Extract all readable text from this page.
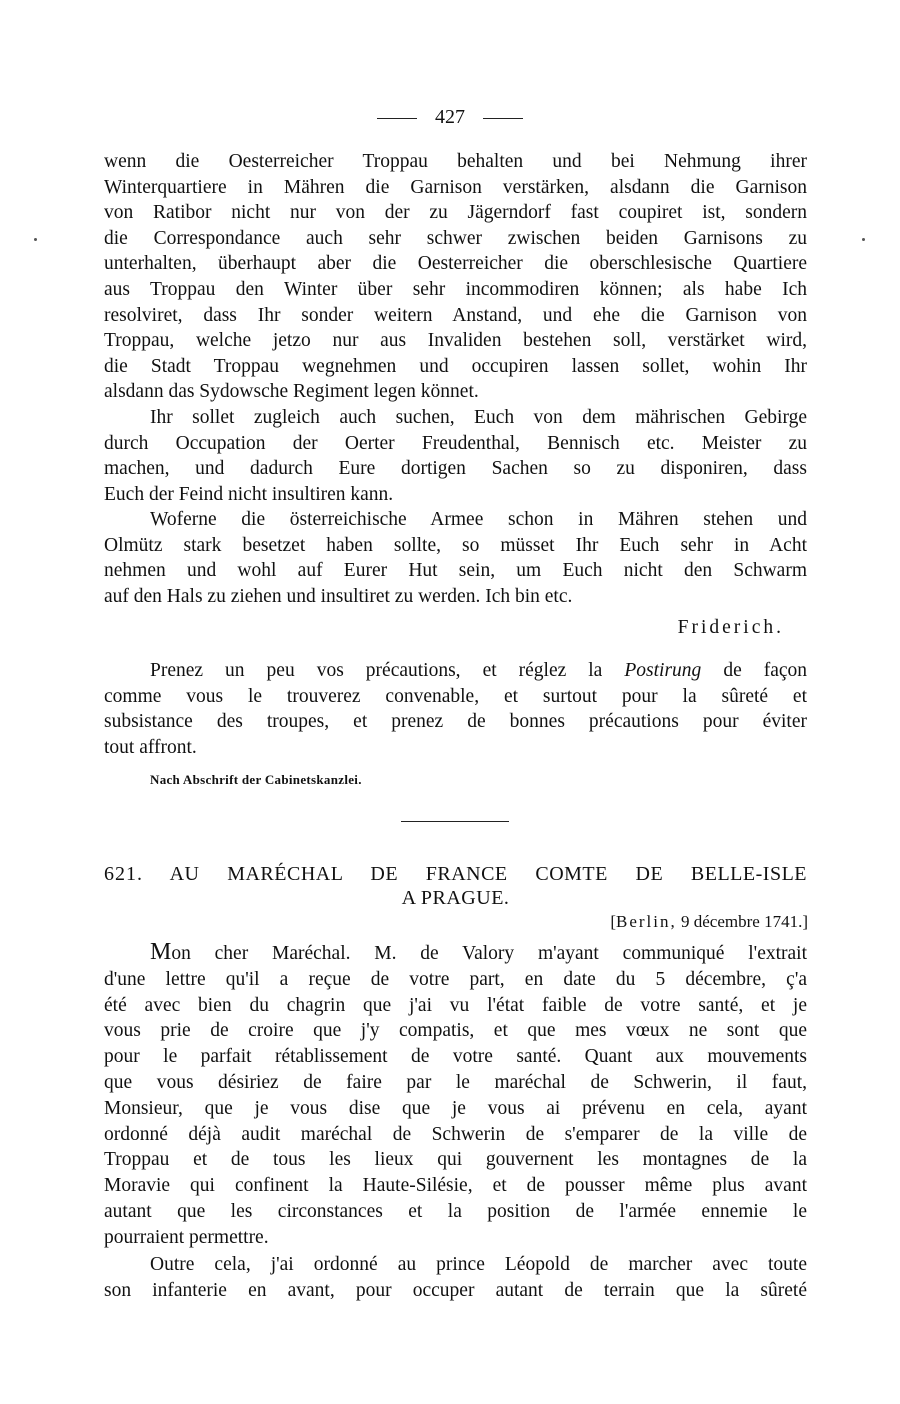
427

wenn die Oesterreicher Troppau behalten und bei Nehmung ihrer
Winterquartiere in Mähren die Garnison verstärken, alsdann die Garnison
von Ratibor nicht nur von der zu Jägerndorf fast coupiret ist, sondern
die Correspondance auch sehr schwer zwischen beiden Garnisons zu
unterhalten, überhaupt aber die Oesterreicher die oberschlesische Quartiere
aus Troppau den Winter über sehr incommodiren können; als habe Ich
resolviret, dass Ihr sonder weitern Anstand, und ehe die Garnison von
Troppau, welche jetzo nur aus Invaliden bestehen soll, verstärket wird,
die Stadt Troppau wegnehmen und occupiren lassen sollet, wohin Ihr
alsdann das Sydowsche Regiment legen könnet.

Ihr sollet zugleich auch suchen, Euch von dem mährischen Gebirge
durch Occupation der Oerter Freudenthal, Bennisch etc. Meister zu
machen, und dadurch Eure dortigen Sachen so zu disponiren, dass
Euch der Feind nicht insultiren kann.

Woferne die österreichische Armee schon in Mähren stehen und
Olmütz stark besetzet haben sollte, so müsset Ihr Euch sehr in Acht
nehmen und wohl auf Eurer Hut sein, um Euch nicht den Schwarm
auf den Hals zu ziehen und insultiret zu werden. Ich bin etc.

Friderich.

Prenez un peu vos précautions, et réglez la Postirung de façon
comme vous le trouverez convenable, et surtout pour la sûreté et
subsistance des troupes, et prenez de bonnes précautions pour éviter
tout affront.

Nach Abschrift der Cabinetskanzlei.
621. AU MARÉCHAL DE FRANCE COMTE DE BELLE-ISLE
A PRAGUE.
[Berlin, 9 décembre 1741.]

Mon cher Maréchal. M. de Valory m'ayant communiqué l'extrait
d'une lettre qu'il a reçue de votre part, en date du 5 décembre, ç'a
été avec bien du chagrin que j'ai vu l'état faible de votre santé, et je
vous prie de croire que j'y compatis, et que mes vœux ne sont que
pour le parfait rétablissement de votre santé. Quant aux mouvements
que vous désiriez de faire par le maréchal de Schwerin, il faut,
Monsieur, que je vous dise que je vous ai prévenu en cela, ayant
ordonné déjà audit maréchal de Schwerin de s'emparer de la ville de
Troppau et de tous les lieux qui gouvernent les montagnes de la
Moravie qui confinent la Haute-Silésie, et de pousser même plus avant
autant que les circonstances et la position de l'armée ennemie le
pourraient permettre.

Outre cela, j'ai ordonné au prince Léopold de marcher avec toute
son infanterie en avant, pour occuper autant de terrain que la sûreté
